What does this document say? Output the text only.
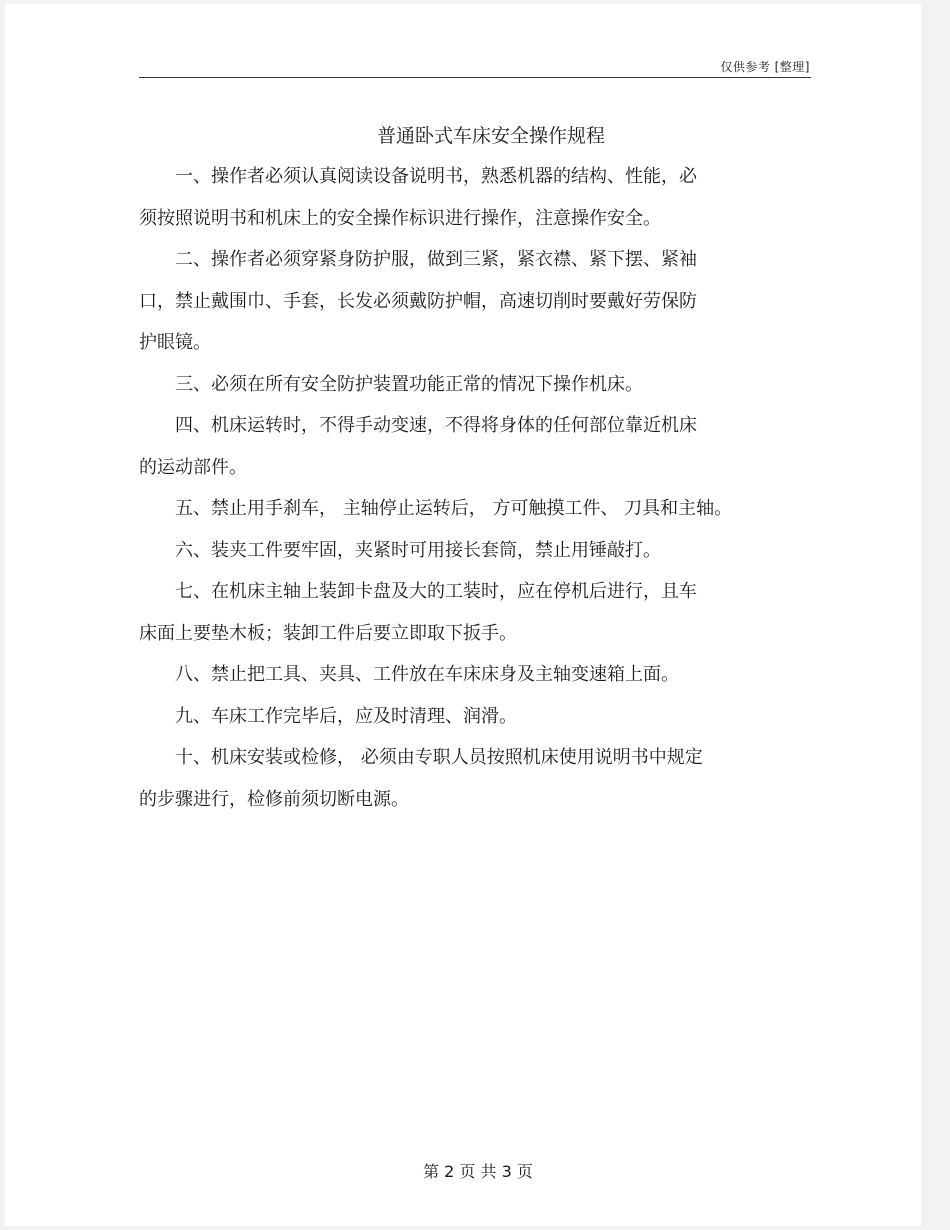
仅供参考 [整理]
普通卧式车床安全操作规程

一、操作者必须认真阅读设备说明书，熟悉机器的结构、性能，必
须按照说明书和机床上的安全操作标识进行操作，注意操作安全。

二、操作者必须穿紧身防护服，做到三紧，紧衣襟、紧下摆、紧袖
口，禁止戴围巾、手套，长发必须戴防护帽，高速切削时要戴好劳保防
护眼镜。

三、必须在所有安全防护装置功能正常的情况下操作机床。

四、机床运转时，不得手动变速，不得将身体的任何部位靠近机床
的运动部件。

五、禁止用手刹车， 主轴停止运转后， 方可触摸工件、 刀具和主轴。

六、装夹工件要牢固，夹紧时可用接长套筒，禁止用锤敲打。

七、在机床主轴上装卸卡盘及大的工装时，应在停机后进行，且车
床面上要垫木板；装卸工件后要立即取下扳手。

八、禁止把工具、夹具、工件放在车床床身及主轴变速箱上面。

九、车床工作完毕后，应及时清理、润滑。

十、机床安装或检修， 必须由专职人员按照机床使用说明书中规定
的步骤进行，检修前须切断电源。

第 2 页 共 3 页
